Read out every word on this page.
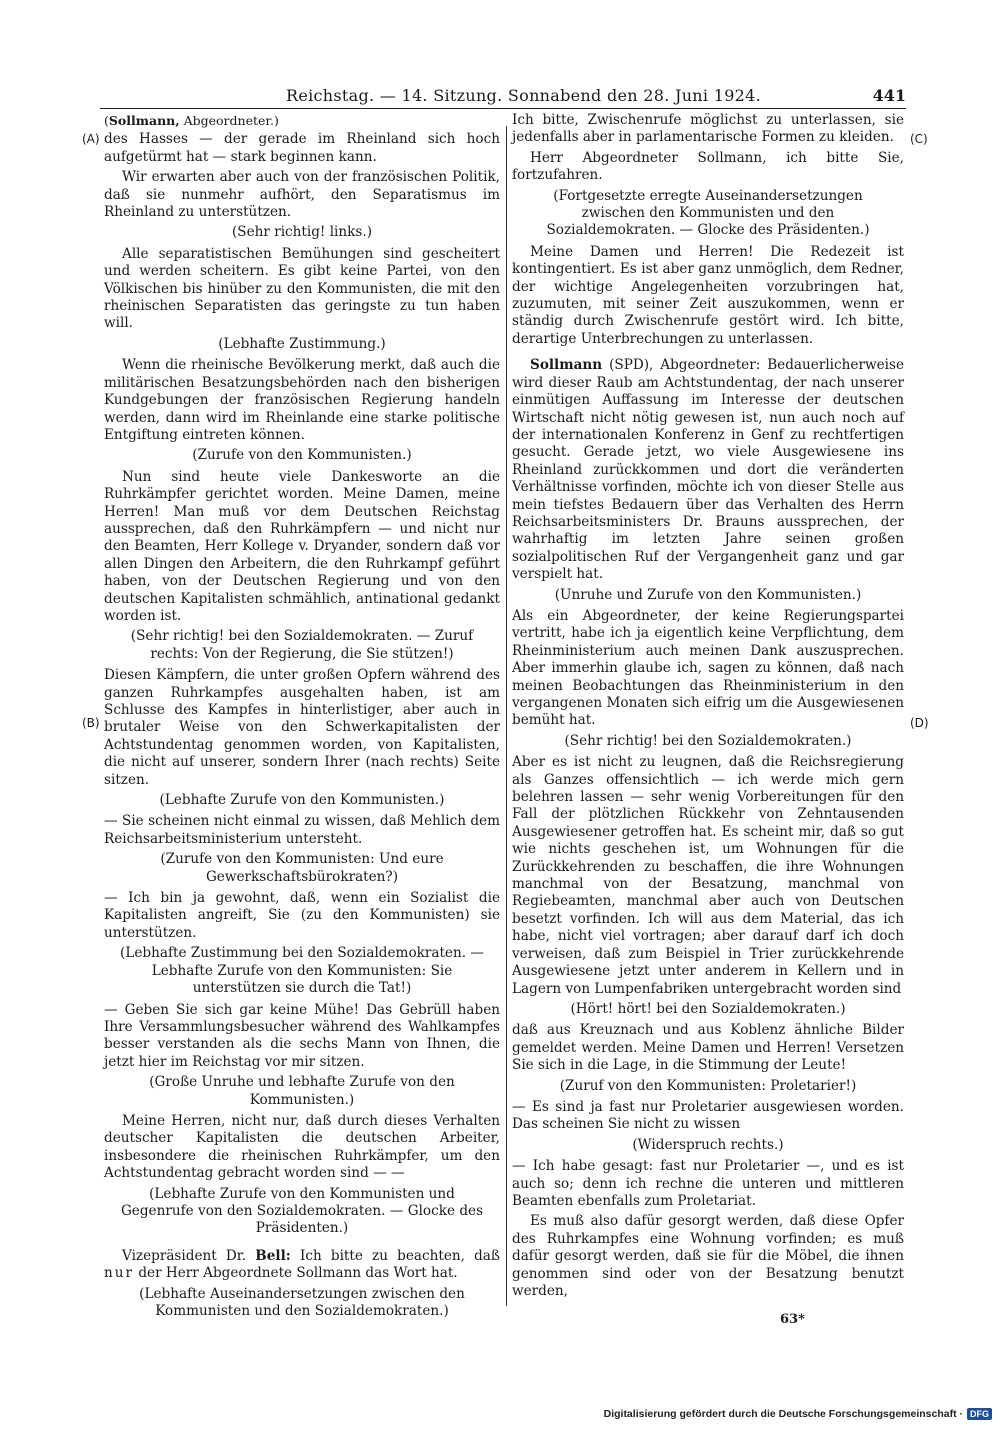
Reichstag. — 14. Sitzung. Sonnabend den 28. Juni 1924.	441
(A)
(B)
(C)
(D)

(Sollmann, Abgeordneter.)

des Hasses — der gerade im Rheinland sich hoch aufgetürmt hat — stark beginnen kann.

Wir erwarten aber auch von der französischen Politik, daß sie nunmehr aufhört, den Separatismus im Rheinland zu unterstützen.

(Sehr richtig! links.)

Alle separatistischen Bemühungen sind gescheitert und werden scheitern. Es gibt keine Partei, von den Völkischen bis hinüber zu den Kommunisten, die mit den rheinischen Separatisten das geringste zu tun haben will.

(Lebhafte Zustimmung.)

Wenn die rheinische Bevölkerung merkt, daß auch die militärischen Besatzungsbehörden nach den bisherigen Kundgebungen der französischen Regierung handeln werden, dann wird im Rheinlande eine starke politische Entgiftung eintreten können.

(Zurufe von den Kommunisten.)

Nun sind heute viele Dankesworte an die Ruhrkämpfer gerichtet worden. Meine Damen, meine Herren! Man muß vor dem Deutschen Reichstag aussprechen, daß den Ruhrkämpfern — und nicht nur den Beamten, Herr Kollege v. Dryander, sondern daß vor allen Dingen den Arbeitern, die den Ruhrkampf geführt haben, von der Deutschen Regierung und von den deutschen Kapitalisten schmählich, antinational gedankt worden ist.

(Sehr richtig! bei den Sozialdemokraten. — Zuruf rechts: Von der Regierung, die Sie stützen!)

Diesen Kämpfern, die unter großen Opfern während des ganzen Ruhrkampfes ausgehalten haben, ist am Schlusse des Kampfes in hinterlistiger, aber auch in brutaler Weise von den Schwerkapitalisten der Achtstundentag genommen worden, von Kapitalisten, die nicht auf unserer, sondern Ihrer (nach rechts) Seite sitzen.

(Lebhafte Zurufe von den Kommunisten.)

— Sie scheinen nicht einmal zu wissen, daß Mehlich dem Reichsarbeitsministerium untersteht.

(Zurufe von den Kommunisten: Und eure Gewerkschaftsbürokraten?)

— Ich bin ja gewohnt, daß, wenn ein Sozialist die Kapitalisten angreift, Sie (zu den Kommunisten) sie unterstützen.

(Lebhafte Zustimmung bei den Sozialdemokraten. — Lebhafte Zurufe von den Kommunisten: Sie unterstützen sie durch die Tat!)

— Geben Sie sich gar keine Mühe! Das Gebrüll haben Ihre Versammlungsbesucher während des Wahlkampfes besser verstanden als die sechs Mann von Ihnen, die jetzt hier im Reichstag vor mir sitzen.

(Große Unruhe und lebhafte Zurufe von den Kommunisten.)

Meine Herren, nicht nur, daß durch dieses Verhalten deutscher Kapitalisten die deutschen Arbeiter, insbesondere die rheinischen Ruhrkämpfer, um den Achtstundentag gebracht worden sind — —

(Lebhafte Zurufe von den Kommunisten und Gegenrufe von den Sozialdemokraten. — Glocke des Präsidenten.)

Vizepräsident Dr. Bell: Ich bitte zu beachten, daß nur der Herr Abgeordnete Sollmann das Wort hat.

(Lebhafte Auseinandersetzungen zwischen den Kommunisten und den Sozialdemokraten.)

Ich bitte, Zwischenrufe möglichst zu unterlassen, sie jedenfalls aber in parlamentarische Formen zu kleiden.

Herr Abgeordneter Sollmann, ich bitte Sie, fortzufahren.

(Fortgesetzte erregte Auseinandersetzungen zwischen den Kommunisten und den Sozialdemokraten. — Glocke des Präsidenten.)

Meine Damen und Herren! Die Redezeit ist kontingentiert. Es ist aber ganz unmöglich, dem Redner, der wichtige Angelegenheiten vorzubringen hat, zuzumuten, mit seiner Zeit auszukommen, wenn er ständig durch Zwischenrufe gestört wird. Ich bitte, derartige Unterbrechungen zu unterlassen.

Sollmann (SPD), Abgeordneter: Bedauerlicherweise wird dieser Raub am Achtstundentag, der nach unserer einmütigen Auffassung im Interesse der deutschen Wirtschaft nicht nötig gewesen ist, nun auch noch auf der internationalen Konferenz in Genf zu rechtfertigen gesucht. Gerade jetzt, wo viele Ausgewiesene ins Rheinland zurückkommen und dort die veränderten Verhältnisse vorfinden, möchte ich von dieser Stelle aus mein tiefstes Bedauern über das Verhalten des Herrn Reichsarbeitsministers Dr. Brauns aussprechen, der wahrhaftig im letzten Jahre seinen großen sozialpolitischen Ruf der Vergangenheit ganz und gar verspielt hat.

(Unruhe und Zurufe von den Kommunisten.)

Als ein Abgeordneter, der keine Regierungspartei vertritt, habe ich ja eigentlich keine Verpflichtung, dem Rheinministerium auch meinen Dank auszusprechen. Aber immerhin glaube ich, sagen zu können, daß nach meinen Beobachtungen das Rheinministerium in den vergangenen Monaten sich eifrig um die Ausgewiesenen bemüht hat.

(Sehr richtig! bei den Sozialdemokraten.)

Aber es ist nicht zu leugnen, daß die Reichsregierung als Ganzes offensichtlich — ich werde mich gern belehren lassen — sehr wenig Vorbereitungen für den Fall der plötzlichen Rückkehr von Zehntausenden Ausgewiesener getroffen hat. Es scheint mir, daß so gut wie nichts geschehen ist, um Wohnungen für die Zurückkehrenden zu beschaffen, die ihre Wohnungen manchmal von der Besatzung, manchmal von Regiebeamten, manchmal aber auch von Deutschen besetzt vorfinden. Ich will aus dem Material, das ich habe, nicht viel vortragen; aber darauf darf ich doch verweisen, daß zum Beispiel in Trier zurückkehrende Ausgewiesene jetzt unter anderem in Kellern und in Lagern von Lumpenfabriken untergebracht worden sind

(Hört! hört! bei den Sozialdemokraten.)

daß aus Kreuznach und aus Koblenz ähnliche Bilder gemeldet werden. Meine Damen und Herren! Versetzen Sie sich in die Lage, in die Stimmung der Leute!

(Zuruf von den Kommunisten: Proletarier!)

— Es sind ja fast nur Proletarier ausgewiesen worden. Das scheinen Sie nicht zu wissen

(Widerspruch rechts.)

— Ich habe gesagt: fast nur Proletarier —, und es ist auch so; denn ich rechne die unteren und mittleren Beamten ebenfalls zum Proletariat.

Es muß also dafür gesorgt werden, daß diese Opfer des Ruhrkampfes eine Wohnung vorfinden; es muß dafür gesorgt werden, daß sie für die Möbel, die ihnen genommen sind oder von der Besatzung benutzt werden,

63*
Digitalisierung gefördert durch die Deutsche Forschungsgemeinschaft · DFG
